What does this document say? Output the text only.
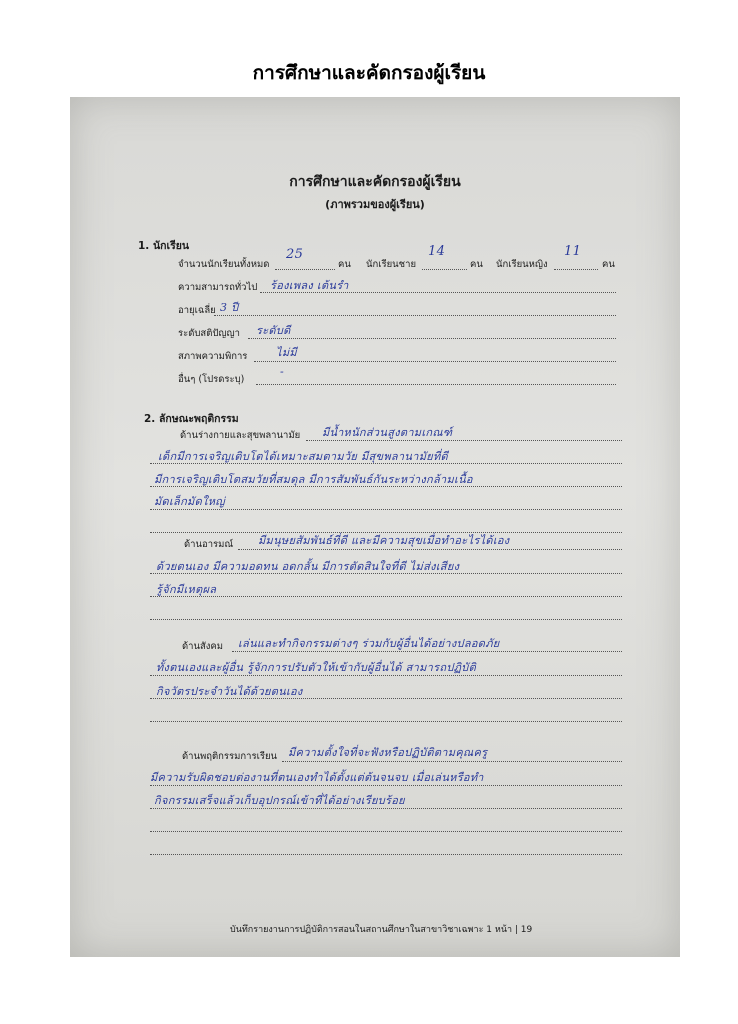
การศึกษาและคัดกรองผู้เรียน
การศึกษาและคัดกรองผู้เรียน
(ภาพรวมของผู้เรียน)
1. นักเรียน
จำนวนนักเรียนทั้งหมด
25
คน นักเรียนชาย
14
คน นักเรียนหญิง
11
คน
ความสามารถทั่วไป ร้องเพลง เต้นรำ
อายุเฉลี่ย 3 ปี
ระดับสติปัญญา ระดับดี
สภาพความพิการ	ไม่มี
อื่นๆ (โปรดระบุ)
-
2. ลักษณะพฤติกรรม
ด้านร่างกายและสุขพลานามัย มีน้ำหนักส่วนสูงตามเกณฑ์
เด็กมีการเจริญเติบโตได้เหมาะสมตามวัย มีสุขพลานามัยที่ดี
มีการเจริญเติบโตสมวัยที่สมดุล มีการสัมพันธ์กันระหว่างกล้ามเนื้อ
มัดเล็กมัดใหญ่
ด้านอารมณ์ มีมนุษยสัมพันธ์ที่ดี และมีความสุขเมื่อทำอะไรได้เอง
ด้วยตนเอง มีความอดทน อดกลั้น มีการตัดสินใจที่ดี ไม่ส่งเสียง
รู้จักมีเหตุผล
ด้านสังคม เล่นและทำกิจกรรมต่างๆ ร่วมกับผู้อื่นได้อย่างปลอดภัย
ทั้งตนเองและผู้อื่น รู้จักการปรับตัวให้เข้ากับผู้อื่นได้ สามารถปฏิบัติ
กิจวัตรประจำวันได้ด้วยตนเอง
ด้านพฤติกรรมการเรียน มีความตั้งใจที่จะฟังหรือปฏิบัติตามคุณครู
มีความรับผิดชอบต่องานที่ตนเองทำได้ตั้งแต่ต้นจนจบ เมื่อเล่นหรือทำ
กิจกรรมเสร็จแล้วเก็บอุปกรณ์เข้าที่ได้อย่างเรียบร้อย
บันทึกรายงานการปฏิบัติการสอนในสถานศึกษาในสาขาวิชาเฉพาะ 1 หน้า | 19
